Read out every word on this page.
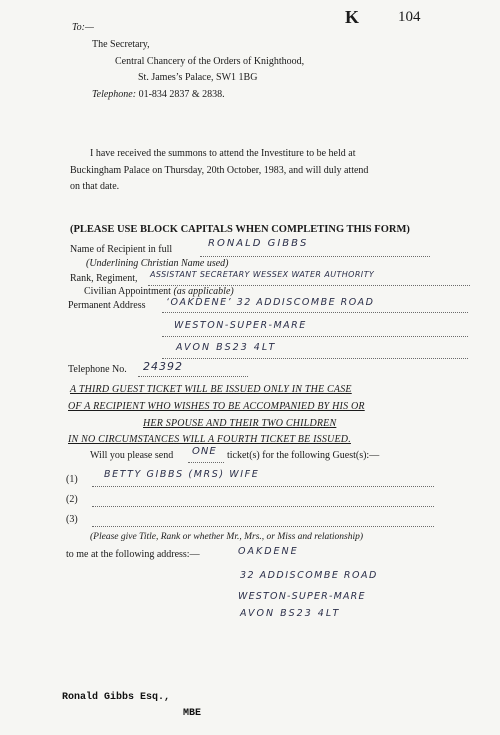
K	104
To:—
The Secretary,
Central Chancery of the Orders of Knighthood,
St. James’s Palace, SW1 1BG
Telephone: 01-834 2837 & 2838.
I have received the summons to attend the Investiture to be held at
Buckingham Palace on Thursday, 20th October, 1983, and will duly attend
on that date.
(PLEASE USE BLOCK CAPITALS WHEN COMPLETING THIS FORM)
Name of Recipient in full
RONALD GIBBS
(Underlining Christian Name used)
Rank, Regiment, ASSISTANT SECRETARY WESSEX WATER AUTHORITY
Civilian Appointment (as applicable)
Permanent Address ‘OAKDENE’ 32 ADDISCOMBE ROAD
WESTON-SUPER-MARE
AVON BS23 4LT
Telephone No. 24392
A THIRD GUEST TICKET WILL BE ISSUED ONLY IN THE CASE
OF A RECIPIENT WHO WISHES TO BE ACCOMPANIED BY HIS OR
HER SPOUSE AND THEIR TWO CHILDREN
IN NO CIRCUMSTANCES WILL A FOURTH TICKET BE ISSUED.
Will you please send ONE ticket(s) for the following Guest(s):—
(1)	BETTY GIBBS (MRS) WIFE
(2)
(3)
(Please give Title, Rank or whether Mr., Mrs., or Miss and relationship)
to me at the following address:—	OAKDENE
32 ADDISCOMBE ROAD
WESTON-SUPER-MARE
AVON BS23 4LT
Ronald Gibbs Esq.,
MBE
